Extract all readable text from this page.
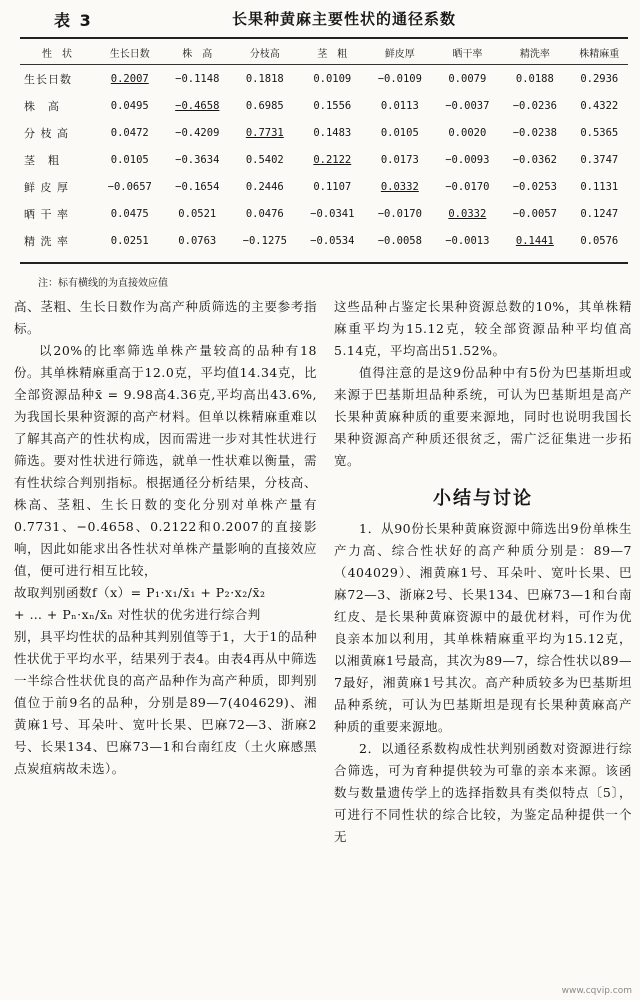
表 3	长果种黄麻主要性状的通径系数
性　状	生长日数	株　高	分枝高	茎　粗	鲜皮厚	晒干率	精洗率	株精麻重
生长日数	0.2007	−0.1148	0.1818	0.0109	−0.0109	0.0079	0.0188	0.2936
株　高	0.0495	−0.4658	0.6985	0.1556	0.0113	−0.0037	−0.0236	0.4322
分 枝 高	0.0472	−0.4209	0.7731	0.1483	0.0105	0.0020	−0.0238	0.5365
茎　粗	0.0105	−0.3634	0.5402	0.2122	0.0173	−0.0093	−0.0362	0.3747
鲜 皮 厚	−0.0657	−0.1654	0.2446	0.1107	0.0332	−0.0170	−0.0253	0.1131
晒 干 率	0.0475	0.0521	0.0476	−0.0341	−0.0170	0.0332	−0.0057	0.1247
精 洗 率	0.0251	0.0763	−0.1275	−0.0534	−0.0058	−0.0013	0.1441	0.0576
注：标有横线的为直接效应值

高、茎粗、生长日数作为高产种质筛选的主要参考指标。

以20%的比率筛选单株产量较高的品种有18份。其单株精麻重高于12.0克，平均值14.34克，比全部资源品种x̄ = 9.98高4.36克,平均高出43.6%,为我国长果种资源的高产材料。但单以株精麻重难以了解其高产的性状构成，因而需进一步对其性状进行筛选。要对性状进行筛选，就单一性状难以衡量，需有性状综合判别指标。根据通径分析结果，分枝高、株高、茎粗、生长日数的变化分别对单株产量有0.7731、−0.4658、0.2122和0.2007的直接影响，因此如能求出各性状对单株产量影响的直接效应值，便可进行相互比较，

故取判别函数f（x）= P₁·x₁/x̄₁ + P₂·x₂/x̄₂

+ … + Pₙ·xₙ/x̄ₙ 对性状的优劣进行综合判

别，具平均性状的品种其判别值等于1，大于1的品种性状优于平均水平，结果列于表4。由表4再从中筛选一半综合性状优良的高产品种作为高产种质，即判别值位于前9名的品种，分别是89—7(404629)、湘黄麻1号、耳朵叶、宽叶长果、巴麻72—3、浙麻2号、长果134、巴麻73—1和台南红皮（土火麻感黑点炭疽病故未选）。

这些品种占鉴定长果种资源总数的10%，其单株精麻重平均为15.12克，较全部资源品种平均值高5.14克，平均高出51.52%。

值得注意的是这9份品种中有5份为巴基斯坦或来源于巴基斯坦品种系统，可认为巴基斯坦是高产长果种黄麻种质的重要来源地，同时也说明我国长果种资源高产种质还很贫乏，需广泛征集进一步拓宽。

小结与讨论

1．从90份长果种黄麻资源中筛选出9份单株生产力高、综合性状好的高产种质分别是：89—7（404029）、湘黄麻1号、耳朵叶、宽叶长果、巴麻72—3、浙麻2号、长果134、巴麻73—1和台南红皮、是长果种黄麻资源中的最优材料，可作为优良亲本加以利用，其单株精麻重平均为15.12克，以湘黄麻1号最高，其次为89—7，综合性状以89—7最好，湘黄麻1号其次。高产种质较多为巴基斯坦品种系统，可认为巴基斯坦是现有长果种黄麻高产种质的重要来源地。

2．以通径系数构成性状判别函数对资源进行综合筛选，可为育种提供较为可靠的亲本来源。该函数与数量遗传学上的选择指数具有类似特点〔5〕，可进行不同性状的综合比较，为鉴定品种提供一个无

www.cqvip.com
